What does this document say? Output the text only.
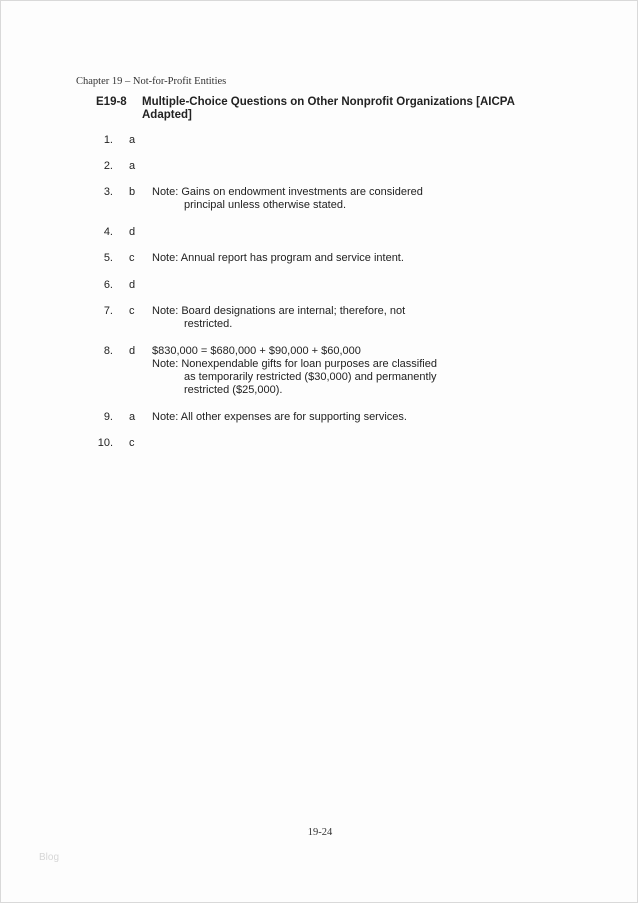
Chapter 19 – Not-for-Profit Entities
E19-8 Multiple-Choice Questions on Other Nonprofit Organizations [AICPA Adapted]
1. a
2. a
3. b Note: Gains on endowment investments are considered
principal unless otherwise stated.
4. d
5. c Note: Annual report has program and service intent.
6. d
7. c Note: Board designations are internal; therefore, not
restricted.
8. d $830,000 = $680,000 + $90,000 + $60,000
Note: Nonexpendable gifts for loan purposes are classified
as temporarily restricted ($30,000) and permanently
restricted ($25,000).
9. a Note: All other expenses are for supporting services.
10. c
19-24
Blog
